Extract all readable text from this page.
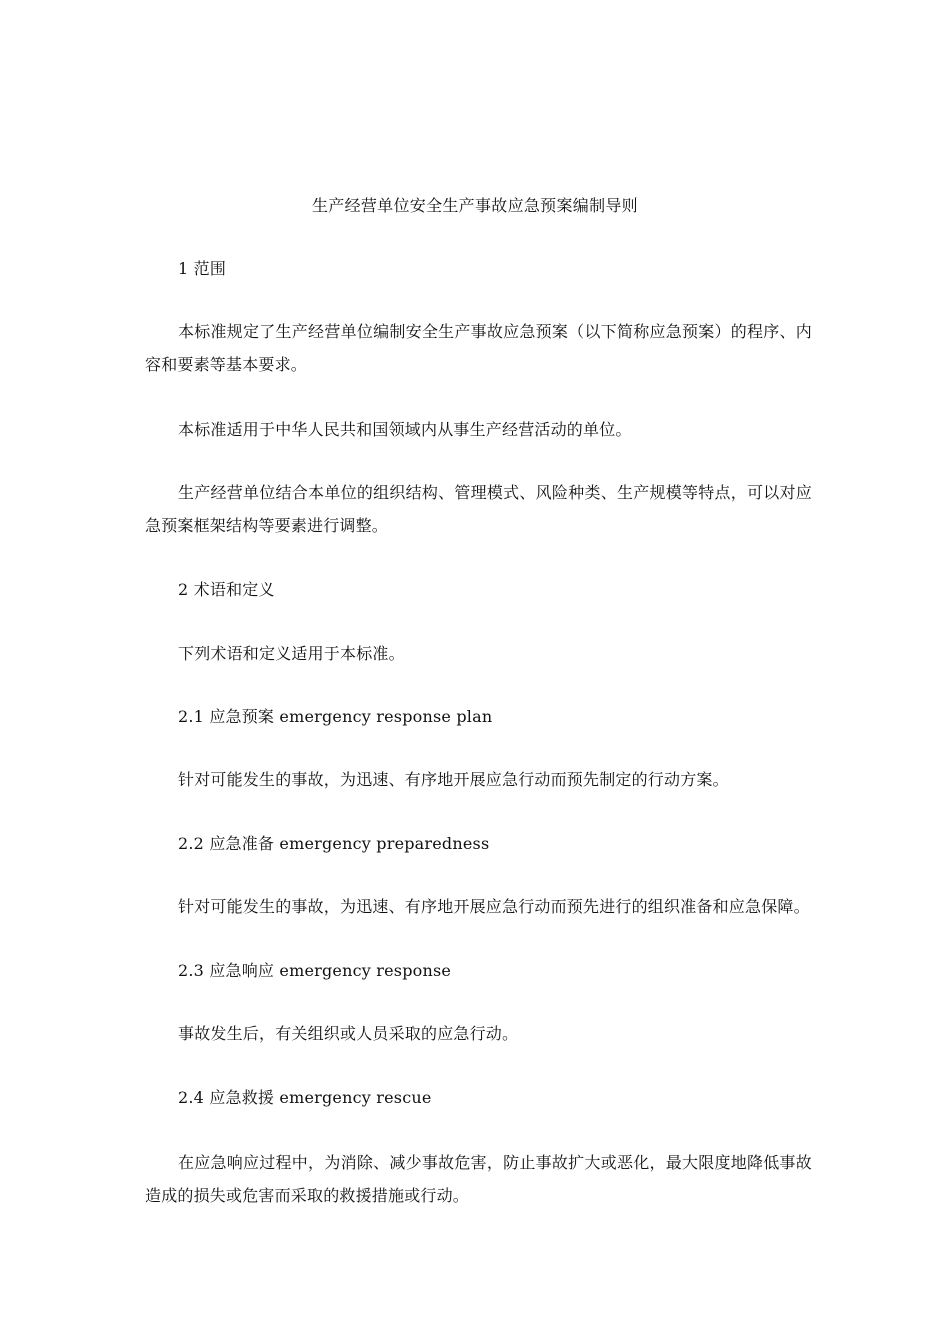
生产经营单位安全生产事故应急预案编制导则
1 范围
本标准规定了生产经营单位编制安全生产事故应急预案（以下简称应急预案）的程序、内容和要素等基本要求。
本标准适用于中华人民共和国领域内从事生产经营活动的单位。
生产经营单位结合本单位的组织结构、管理模式、风险种类、生产规模等特点，可以对应急预案框架结构等要素进行调整。
2 术语和定义
下列术语和定义适用于本标准。
2.1 应急预案 emergency response plan
针对可能发生的事故，为迅速、有序地开展应急行动而预先制定的行动方案。
2.2 应急准备 emergency preparedness
针对可能发生的事故，为迅速、有序地开展应急行动而预先进行的组织准备和应急保障。
2.3 应急响应 emergency response
事故发生后，有关组织或人员采取的应急行动。
2.4 应急救援 emergency rescue
在应急响应过程中，为消除、减少事故危害，防止事故扩大或恶化，最大限度地降低事故造成的损失或危害而采取的救援措施或行动。
